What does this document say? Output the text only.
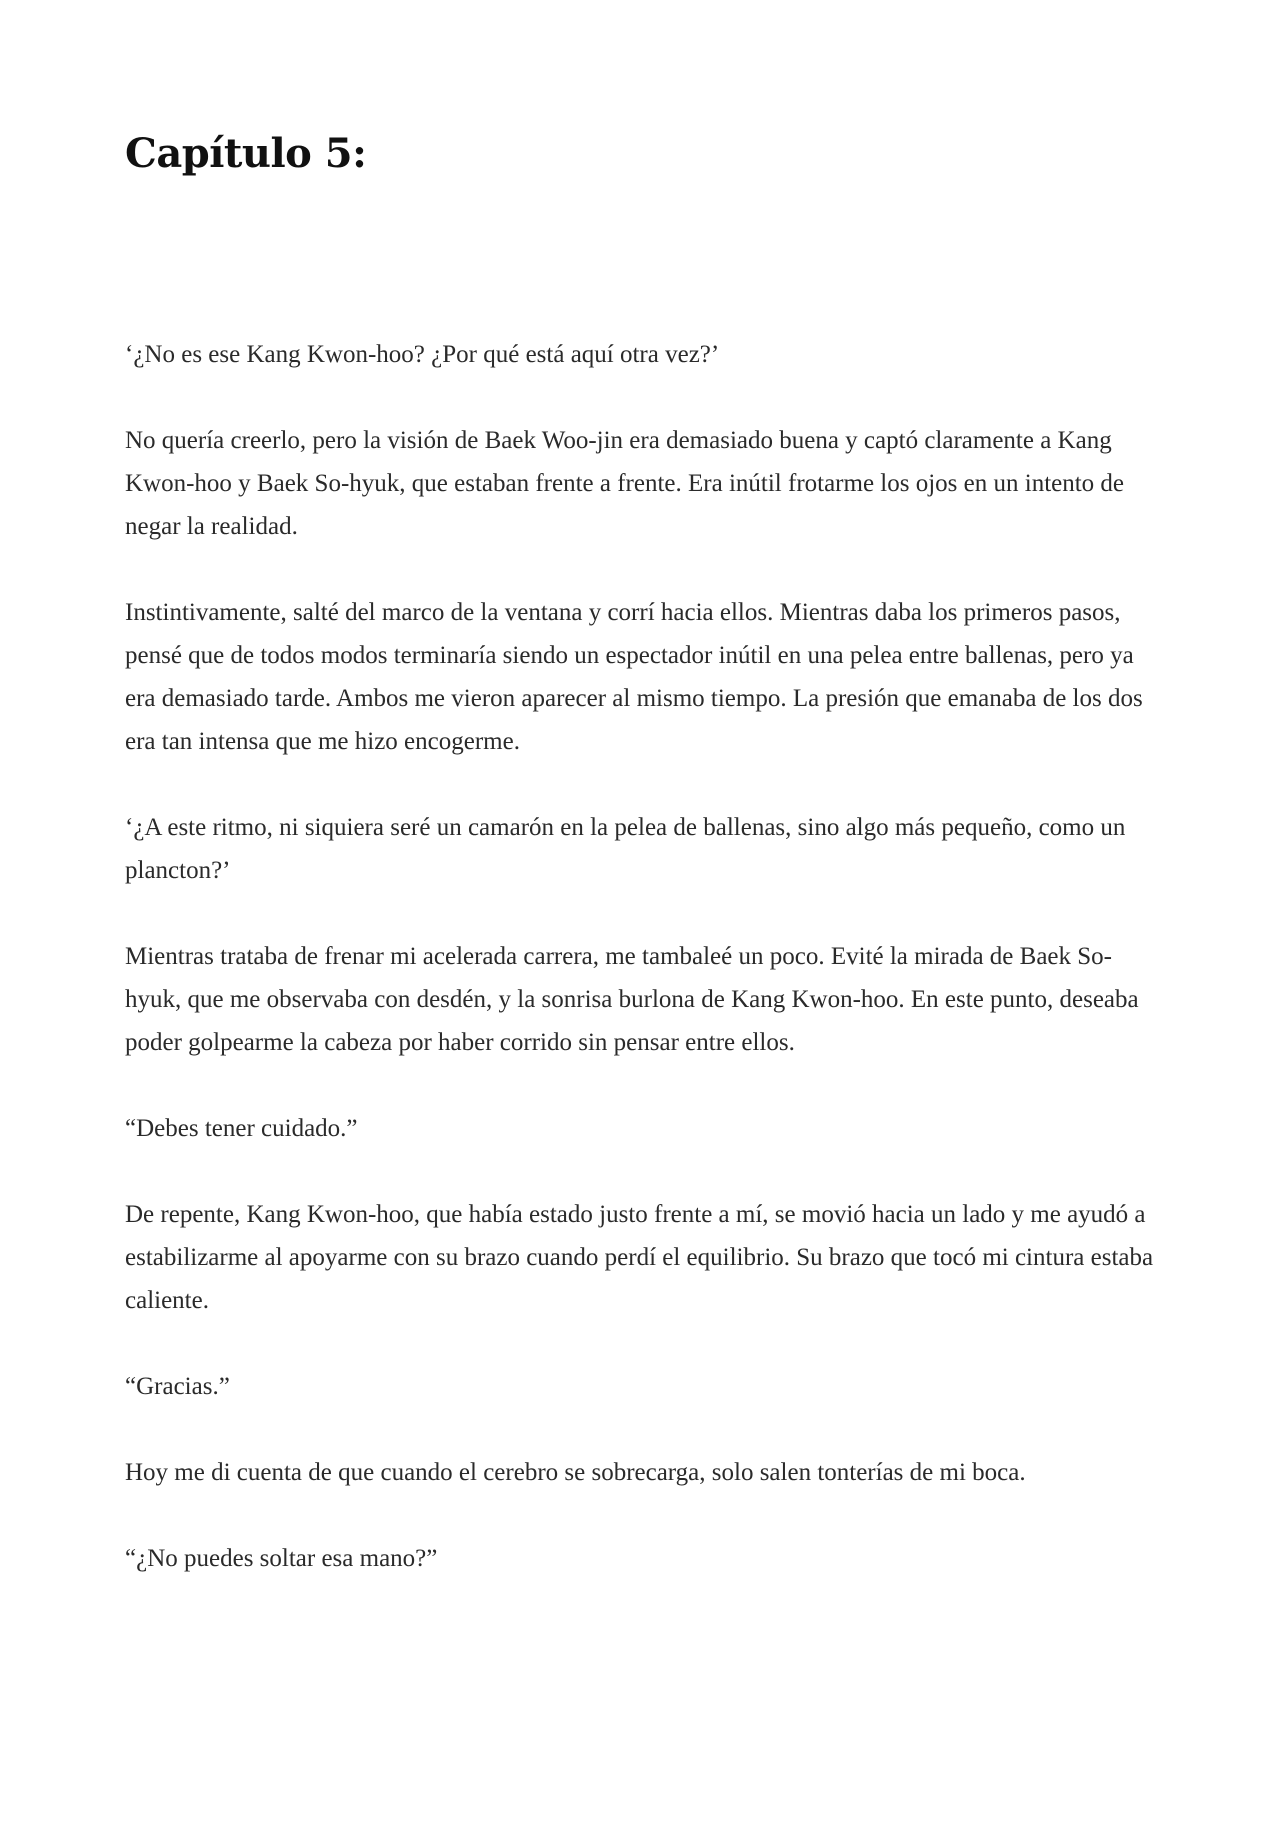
Capítulo 5:

‘¿No es ese Kang Kwon-hoo? ¿Por qué está aquí otra vez?’

No quería creerlo, pero la visión de Baek Woo-jin era demasiado buena y captó claramente a Kang Kwon-hoo y Baek So-hyuk, que estaban frente a frente. Era inútil frotarme los ojos en un intento de negar la realidad.

Instintivamente, salté del marco de la ventana y corrí hacia ellos. Mientras daba los primeros pasos, pensé que de todos modos terminaría siendo un espectador inútil en una pelea entre ballenas, pero ya era demasiado tarde. Ambos me vieron aparecer al mismo tiempo. La presión que emanaba de los dos era tan intensa que me hizo encogerme.

‘¿A este ritmo, ni siquiera seré un camarón en la pelea de ballenas, sino algo más pequeño, como un plancton?’

Mientras trataba de frenar mi acelerada carrera, me tambaleé un poco. Evité la mirada de Baek So-hyuk, que me observaba con desdén, y la sonrisa burlona de Kang Kwon-hoo. En este punto, deseaba poder golpearme la cabeza por haber corrido sin pensar entre ellos.

“Debes tener cuidado.”

De repente, Kang Kwon-hoo, que había estado justo frente a mí, se movió hacia un lado y me ayudó a estabilizarme al apoyarme con su brazo cuando perdí el equilibrio. Su brazo que tocó mi cintura estaba caliente.

“Gracias.”

Hoy me di cuenta de que cuando el cerebro se sobrecarga, solo salen tonterías de mi boca.

“¿No puedes soltar esa mano?”
